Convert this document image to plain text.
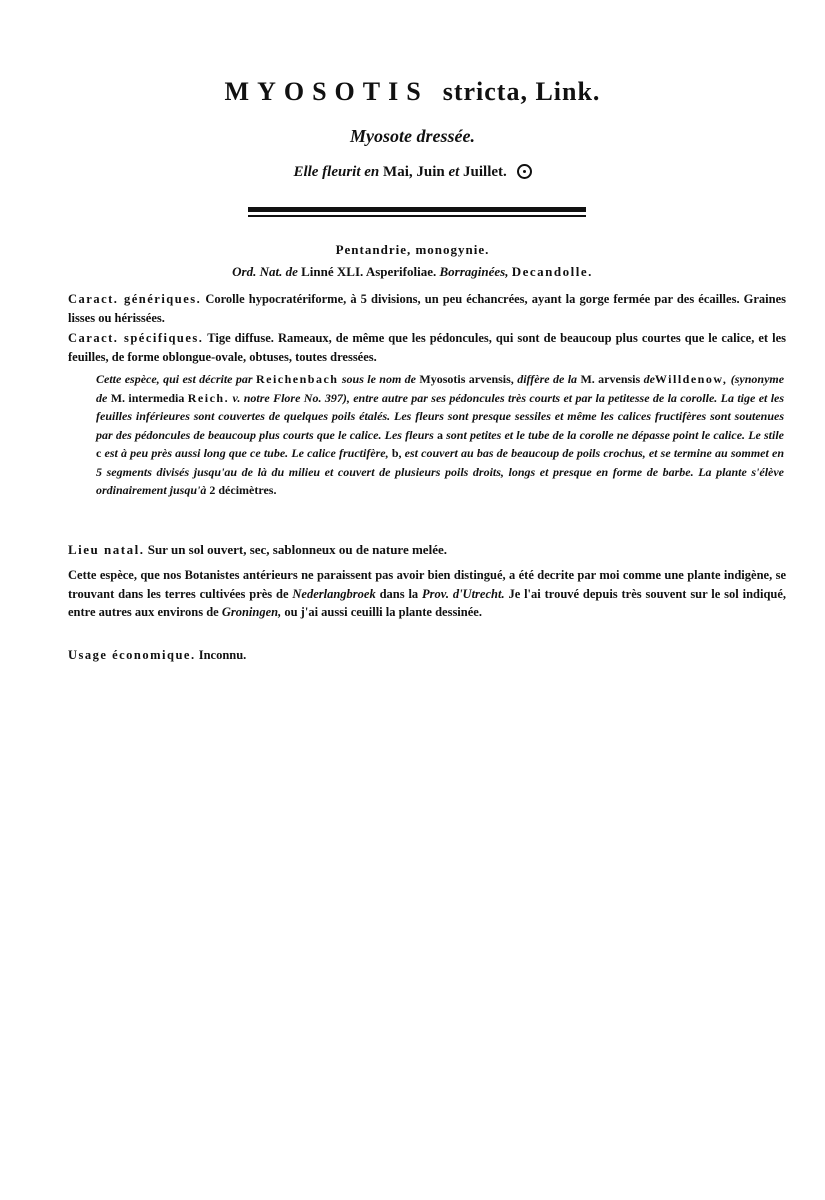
MYOSOTIS stricta, Link.
Myosote dressée.
Elle fleurit en Mai, Juin et Juillet.
Pentandrie, monogynie.
Ord. Nat. de Linné XLI. Asperifoliae. Borraginées, Decandolle.
Caract. génériques. Corolle hypocratériforme, à 5 divisions, un peu échancrées, ayant la gorge fermée par des écailles. Graines lisses ou hérissées.
Caract. spécifiques. Tige diffuse. Rameaux, de même que les pédoncules, qui sont de beaucoup plus courtes que le calice, et les feuilles, de forme oblongue-ovale, obtuses, toutes dressées.
Cette espèce, qui est décrite par Reichenbach sous le nom de Myosotis arvensis, diffère de la M. arvensis deWilldenow, (synonyme de M. intermedia Reich. v. notre Flore No. 397), entre autre par ses pédoncules très courts et par la petitesse de la corolle. La tige et les feuilles inférieures sont couvertes de quelques poils étalés. Les fleurs sont presque sessiles et même les calices fructifères sont soutenues par des pédoncules de beaucoup plus courts que le calice. Les fleurs a sont petites et le tube de la corolle ne dépasse point le calice. Le stile c est à peu près aussi long que ce tube. Le calice fructifère, b, est couvert au bas de beaucoup de poils crochus, et se termine au sommet en 5 segments divisés jusqu'au de là du milieu et couvert de plusieurs poils droits, longs et presque en forme de barbe. La plante s'élève ordinairement jusqu'à 2 décimètres.
Lieu natal. Sur un sol ouvert, sec, sablonneux ou de nature melée.
Cette espèce, que nos Botanistes antérieurs ne paraissent pas avoir bien distingué, a été decrite par moi comme une plante indigène, se trouvant dans les terres cultivées près de Nederlangbroek dans la Prov. d'Utrecht. Je l'ai trouvé depuis très souvent sur le sol indiqué, entre autres aux environs de Groningen, ou j'ai aussi ceuilli la plante dessinée.
Usage économique. Inconnu.
